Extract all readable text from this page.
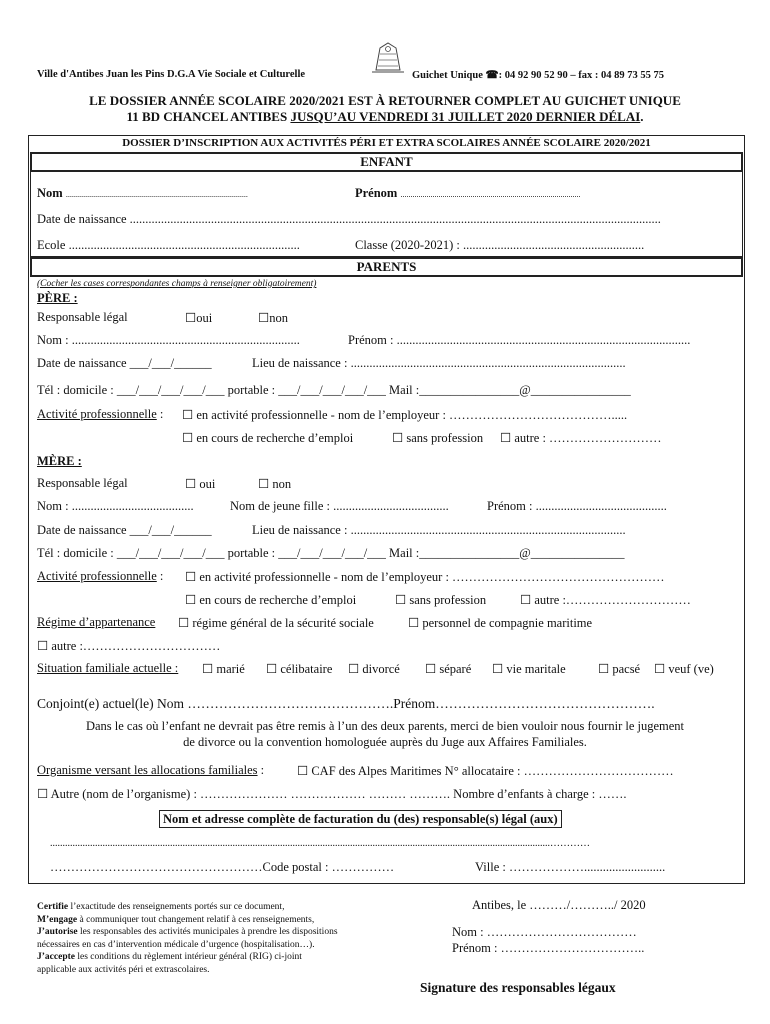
Ville d'Antibes Juan les Pins D.G.A Vie Sociale et Culturelle	Guichet Unique ☎: 04 92 90 52 90 – fax : 04 89 73 55 75
LE DOSSIER ANNÉE SCOLAIRE 2020/2021 EST À RETOURNER COMPLET AU GUICHET UNIQUE
11 BD CHANCEL ANTIBES JUSQU’AU VENDREDI 31 JUILLET 2020 DERNIER DÉLAI.
DOSSIER D’INSCRIPTION AUX ACTIVITÉS PÉRI ET EXTRA SCOLAIRES ANNÉE SCOLAIRE 2020/2021
ENFANT
Nom ...........................................................................................	Prénom ..........................................................................................
Date de naissance ..........................................................................................................................................................................
Ecole ..........................................................................	Classe (2020-2021) : ..........................................................
PARENTS
(Cocher les cases correspondantes champs à renseigner obligatoirement)
PÈRE :
Responsable légal ☐	oui ☐	non
Nom : .........................................................................	Prénom : ..............................................................................................
Date de naissance ___/___/______	Lieu de naissance : ........................................................................................
Tél : domicile : ___/___/___/___/___ portable : ___/___/___/___/___ Mail :________________@________________
Activité professionnelle : ☐	en activité professionnelle - nom de l’employeur : ………………………………….....
☐ en cours de recherche d’emploi ☐	sans profession ☐	autre : ………………………
MÈRE :
Responsable légal ☐	oui ☐	non
Nom : .......................................	Nom de jeune fille : .....................................	Prénom : ..........................................
Date de naissance ___/___/______	Lieu de naissance : ........................................................................................
Tél : domicile : ___/___/___/___/___ portable : ___/___/___/___/___ Mail :________________@_______________
Activité professionnelle : ☐	en activité professionnelle - nom de l’employeur : ……………………………………………
☐ en cours de recherche d’emploi ☐	sans profession ☐	autre :…………………………
Régime d’appartenance ☐	régime général de la sécurité sociale ☐	personnel de compagnie maritime
☐ autre :……………………………
Situation familiale actuelle : ☐	marié ☐	célibataire ☐	divorcé ☐	séparé ☐	vie maritale ☐	pacsé ☐	veuf (ve)
Conjoint(e) actuel(le) Nom ……………………………………….Prénom………………………………………….
Dans le cas où l’enfant ne devrait pas être remis à l’un des deux parents, merci de bien vouloir nous fournir le jugement
de divorce ou la convention homologuée auprès du Juge aux Affaires Familiales.
Organisme versant les allocations familiales : ☐	CAF des Alpes Maritimes N° allocataire : ………………………………
☐ Autre (nom de l’organisme) : ………………… ……………… ……… ………. Nombre d’enfants à charge : …….
Nom et adresse complète de facturation du (des) responsable(s) légal (aux)
........................................................................................................................................................................................................…………
……………………………………………Code postal : ……………	Ville : ………………..........................
Certifie l’exactitude des renseignements portés sur ce document,
M’engage à communiquer tout changement relatif à ces renseignements,
J’autorise les responsables des activités municipales à prendre les dispositions
nécessaires en cas d’intervention médicale d’urgence (hospitalisation…).
J’accepte les conditions du règlement intérieur général (RIG) ci-joint
applicable aux activités péri et extrascolaires.
Antibes, le ………/………../ 2020
Nom : ………………………………
Prénom : ……………………………..
Signature des responsables légaux
